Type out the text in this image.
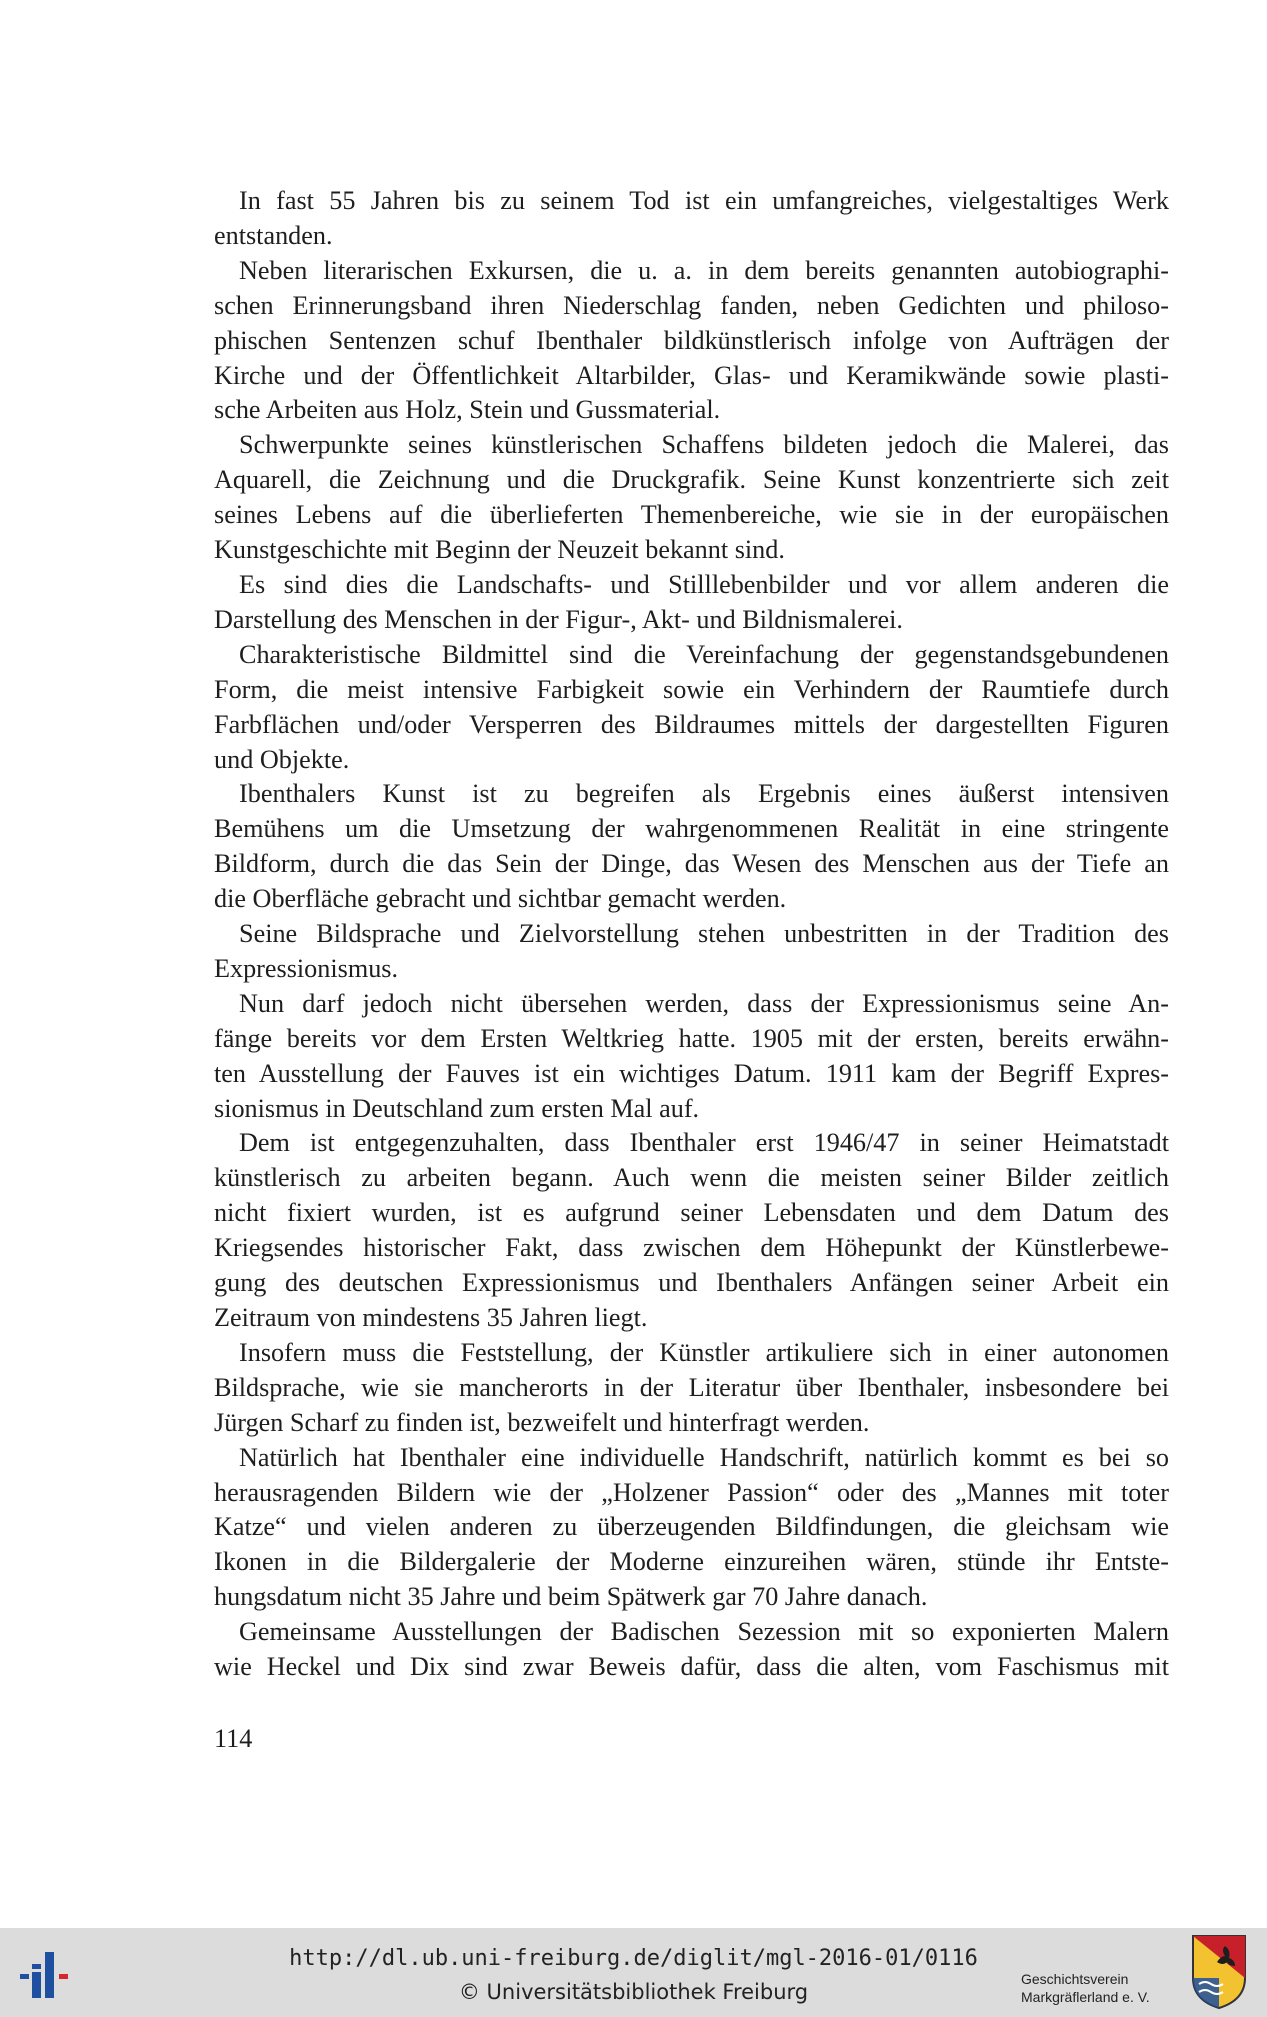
In fast 55 Jahren bis zu seinem Tod ist ein umfangreiches, vielgestaltiges Werk
entstanden.
Neben literarischen Exkursen, die u. a. in dem bereits genannten autobiographi-
schen Erinnerungsband ihren Niederschlag fanden, neben Gedichten und philoso-
phischen Sentenzen schuf Ibenthaler bildkünstlerisch infolge von Aufträgen der
Kirche und der Öffentlichkeit Altarbilder, Glas- und Keramikwände sowie plasti-
sche Arbeiten aus Holz, Stein und Gussmaterial.
Schwerpunkte seines künstlerischen Schaffens bildeten jedoch die Malerei, das
Aquarell, die Zeichnung und die Druckgrafik. Seine Kunst konzentrierte sich zeit
seines Lebens auf die überlieferten Themenbereiche, wie sie in der europäischen
Kunstgeschichte mit Beginn der Neuzeit bekannt sind.
Es sind dies die Landschafts- und Stilllebenbilder und vor allem anderen die
Darstellung des Menschen in der Figur-, Akt- und Bildnismalerei.
Charakteristische Bildmittel sind die Vereinfachung der gegenstandsgebundenen
Form, die meist intensive Farbigkeit sowie ein Verhindern der Raumtiefe durch
Farbflächen und/oder Versperren des Bildraumes mittels der dargestellten Figuren
und Objekte.
Ibenthalers Kunst ist zu begreifen als Ergebnis eines äußerst intensiven
Bemühens um die Umsetzung der wahrgenommenen Realität in eine stringente
Bildform, durch die das Sein der Dinge, das Wesen des Menschen aus der Tiefe an
die Oberfläche gebracht und sichtbar gemacht werden.
Seine Bildsprache und Zielvorstellung stehen unbestritten in der Tradition des
Expressionismus.
Nun darf jedoch nicht übersehen werden, dass der Expressionismus seine An-
fänge bereits vor dem Ersten Weltkrieg hatte. 1905 mit der ersten, bereits erwähn-
ten Ausstellung der Fauves ist ein wichtiges Datum. 1911 kam der Begriff Expres-
sionismus in Deutschland zum ersten Mal auf.
Dem ist entgegenzuhalten, dass Ibenthaler erst 1946/47 in seiner Heimatstadt
künstlerisch zu arbeiten begann. Auch wenn die meisten seiner Bilder zeitlich
nicht fixiert wurden, ist es aufgrund seiner Lebensdaten und dem Datum des
Kriegsendes historischer Fakt, dass zwischen dem Höhepunkt der Künstlerbewe-
gung des deutschen Expressionismus und Ibenthalers Anfängen seiner Arbeit ein
Zeitraum von mindestens 35 Jahren liegt.
Insofern muss die Feststellung, der Künstler artikuliere sich in einer autonomen
Bildsprache, wie sie mancherorts in der Literatur über Ibenthaler, insbesondere bei
Jürgen Scharf zu finden ist, bezweifelt und hinterfragt werden.
Natürlich hat Ibenthaler eine individuelle Handschrift, natürlich kommt es bei so
herausragenden Bildern wie der „Holzener Passion“ oder des „Mannes mit toter
Katze“ und vielen anderen zu überzeugenden Bildfindungen, die gleichsam wie
Ikonen in die Bildergalerie der Moderne einzureihen wären, stünde ihr Entste-
hungsdatum nicht 35 Jahre und beim Spätwerk gar 70 Jahre danach.
Gemeinsame Ausstellungen der Badischen Sezession mit so exponierten Malern
wie Heckel und Dix sind zwar Beweis dafür, dass die alten, vom Faschismus mit
114
http://dl.ub.uni-freiburg.de/diglit/mgl-2016-01/0116
© Universitätsbibliothek Freiburg
Geschichtsverein
Markgräflerland e. V.
